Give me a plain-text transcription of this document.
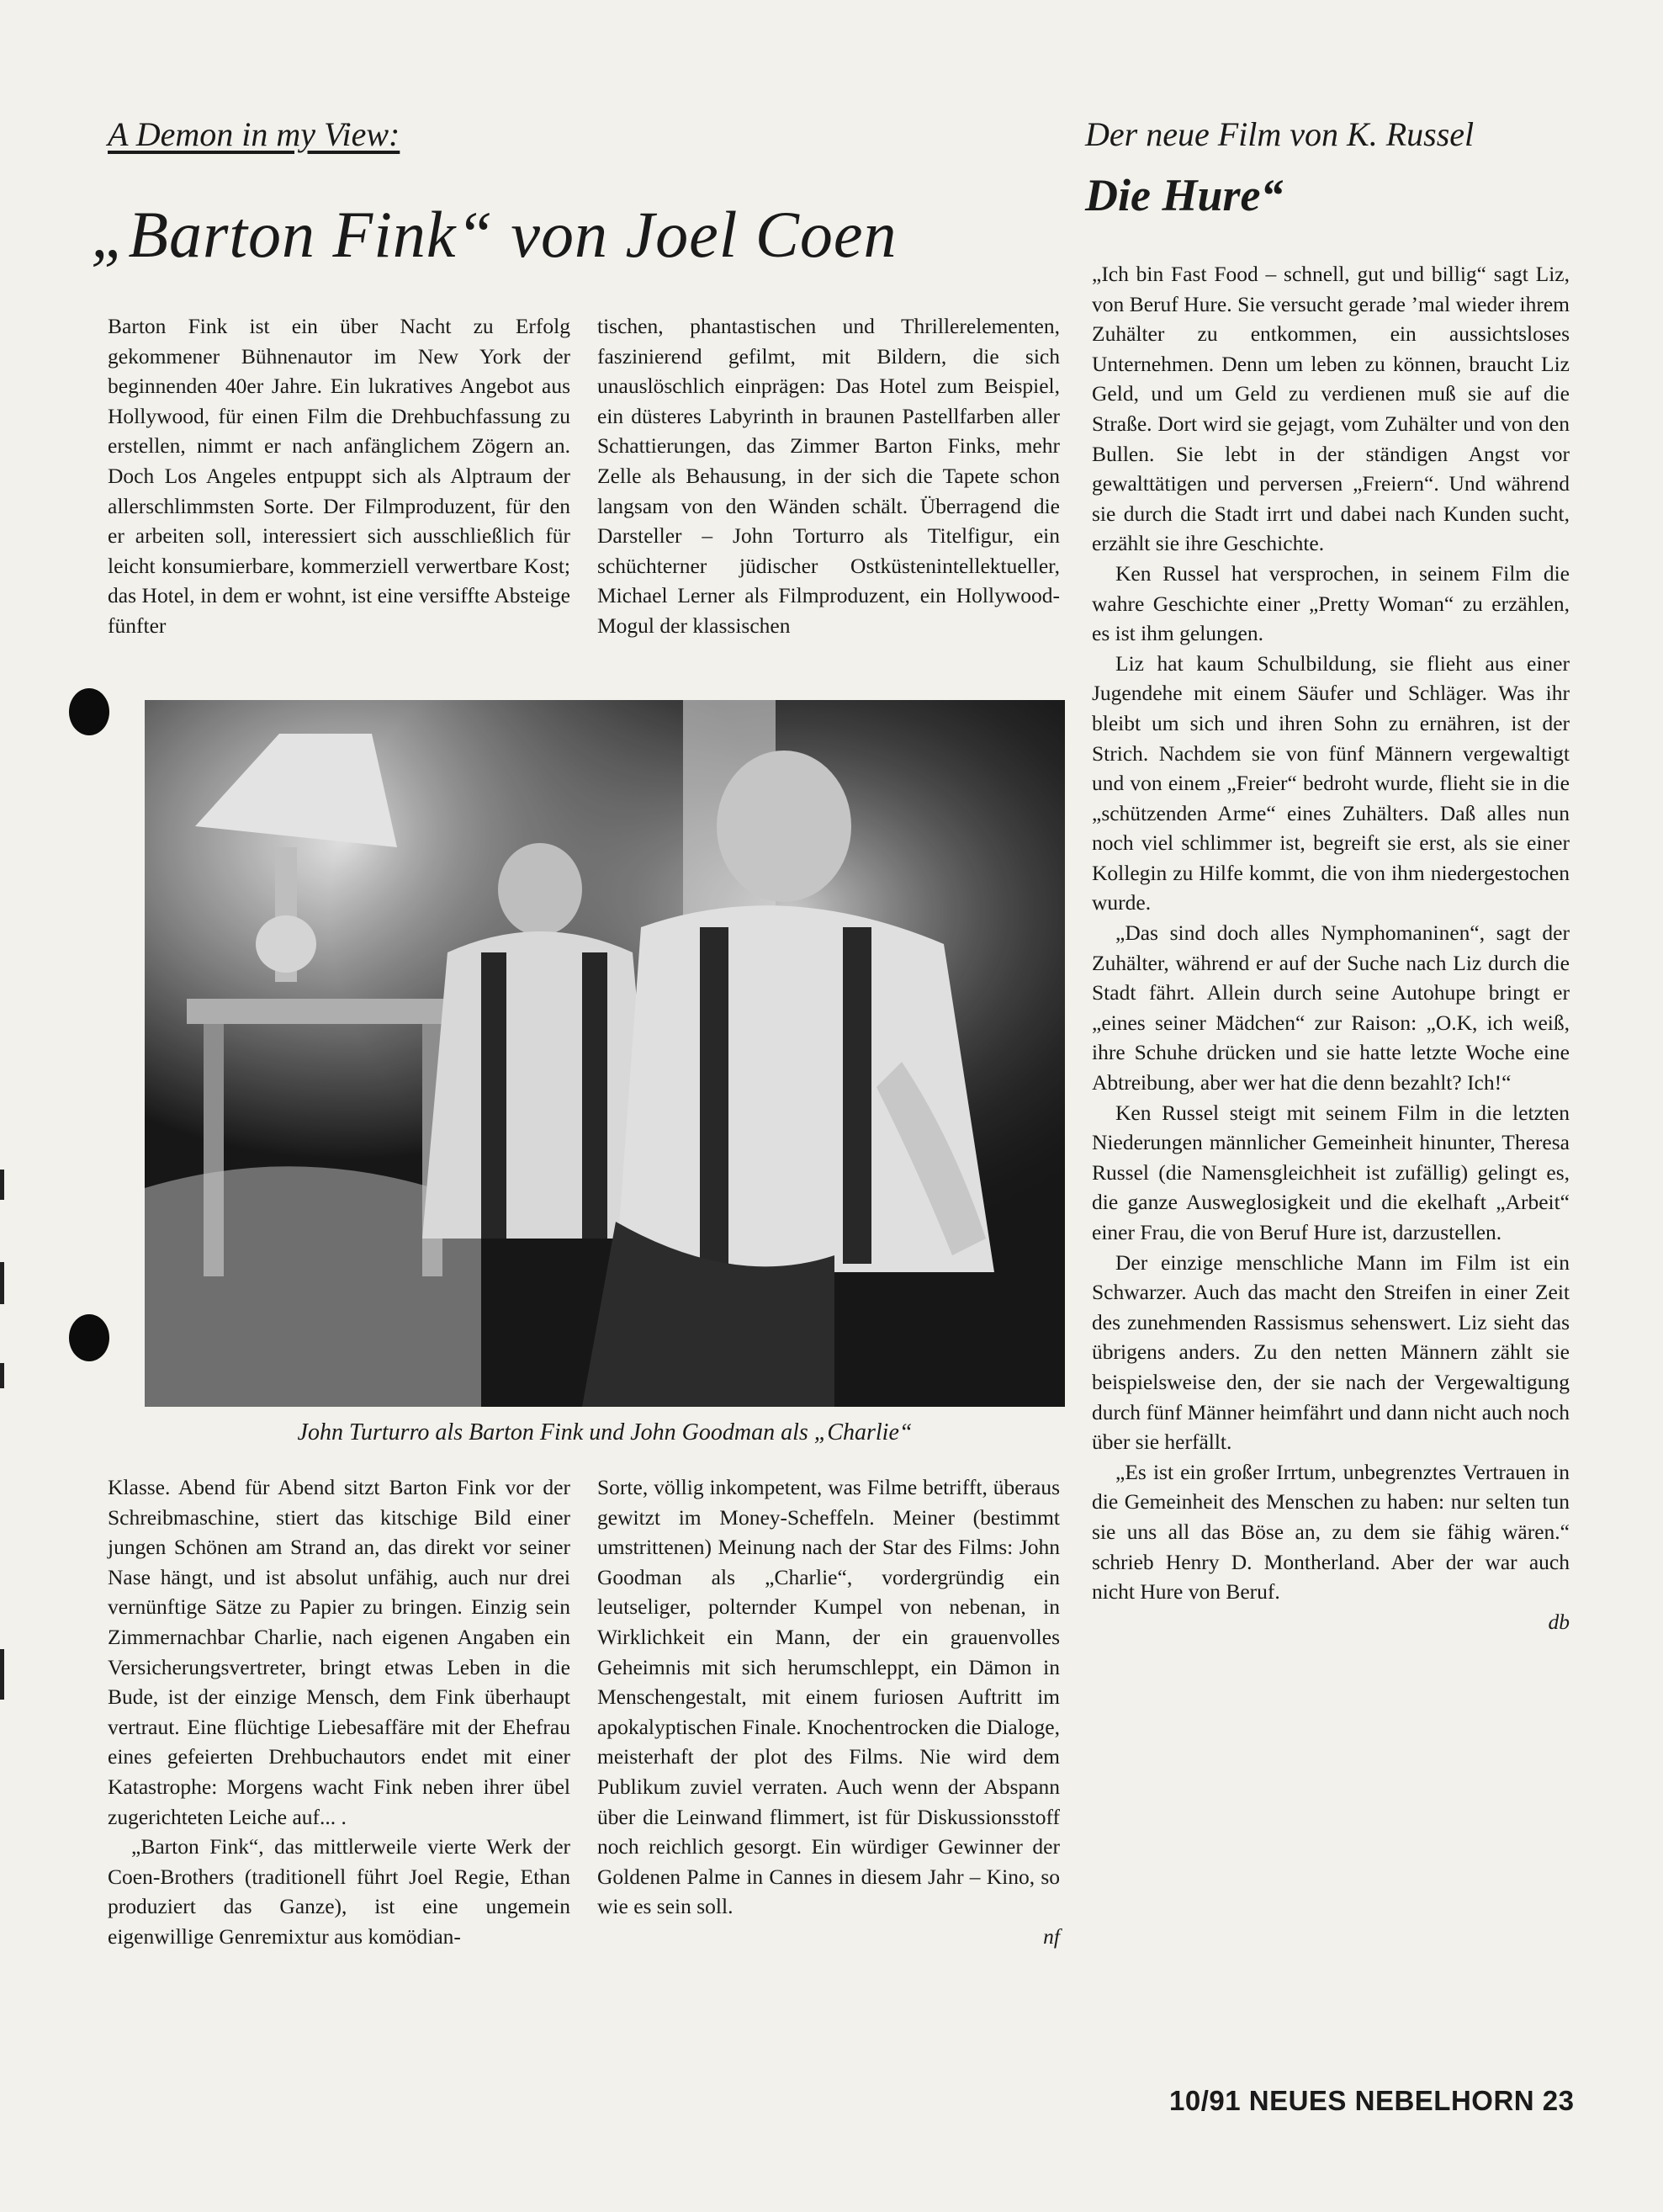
A Demon in my View:	Der neue Film von K. Russel
„Barton Fink“ von Joel Coen
Die Hure“

Barton Fink ist ein über Nacht zu Erfolg gekommener Bühnenautor im New York der beginnenden 40er Jahre. Ein lukratives Angebot aus Hollywood, für einen Film die Drehbuchfassung zu erstellen, nimmt er nach anfänglichem Zögern an. Doch Los Angeles entpuppt sich als Alptraum der allerschlimmsten Sorte. Der Filmproduzent, für den er arbeiten soll, interessiert sich ausschließlich für leicht konsumierbare, kommerziell verwertbare Kost; das Hotel, in dem er wohnt, ist eine versiffte Absteige fünfter

tischen, phantastischen und Thrillerelementen, faszinierend gefilmt, mit Bildern, die sich unauslöschlich einprägen: Das Hotel zum Beispiel, ein düsteres Labyrinth in braunen Pastellfarben aller Schattierungen, das Zimmer Barton Finks, mehr Zelle als Behausung, in der sich die Tapete schon langsam von den Wänden schält. Überragend die Darsteller – John Torturro als Titelfigur, ein schüchterner jüdischer Ostküstenintellektueller, Michael Lerner als Filmproduzent, ein Hollywood-Mogul der klassischen

John Turturro als Barton Fink und John Goodman als „Charlie“

Klasse. Abend für Abend sitzt Barton Fink vor der Schreibmaschine, stiert das kitschige Bild einer jungen Schönen am Strand an, das direkt vor seiner Nase hängt, und ist absolut unfähig, auch nur drei vernünftige Sätze zu Papier zu bringen. Einzig sein Zimmernachbar Charlie, nach eigenen Angaben ein Versicherungsvertreter, bringt etwas Leben in die Bude, ist der einzige Mensch, dem Fink überhaupt vertraut. Eine flüchtige Liebesaffäre mit der Ehefrau eines gefeierten Drehbuchautors endet mit einer Katastrophe: Morgens wacht Fink neben ihrer übel zugerichteten Leiche auf... .

„Barton Fink“, das mittlerweile vierte Werk der Coen-Brothers (traditionell führt Joel Regie, Ethan produziert das Ganze), ist eine ungemein eigenwillige Genremixtur aus komödian-

Sorte, völlig inkompetent, was Filme betrifft, überaus gewitzt im Money-Scheffeln. Meiner (bestimmt umstrittenen) Meinung nach der Star des Films: John Goodman als „Charlie“, vordergründig ein leutseliger, polternder Kumpel von nebenan, in Wirklichkeit ein Mann, der ein grauenvolles Geheimnis mit sich herumschleppt, ein Dämon in Menschengestalt, mit einem furiosen Auftritt im apokalyptischen Finale. Knochentrocken die Dialoge, meisterhaft der plot des Films. Nie wird dem Publikum zuviel verraten. Auch wenn der Abspann über die Leinwand flimmert, ist für Diskussionsstoff noch reichlich gesorgt. Ein würdiger Gewinner der Goldenen Palme in Cannes in diesem Jahr – Kino, so wie es sein soll.

nf

„Ich bin Fast Food – schnell, gut und billig“ sagt Liz, von Beruf Hure. Sie versucht gerade ’mal wieder ihrem Zuhälter zu entkommen, ein aussichtsloses Unternehmen. Denn um leben zu können, braucht Liz Geld, und um Geld zu verdienen muß sie auf die Straße. Dort wird sie gejagt, vom Zuhälter und von den Bullen. Sie lebt in der ständigen Angst vor gewalttätigen und perversen „Freiern“. Und während sie durch die Stadt irrt und dabei nach Kunden sucht, erzählt sie ihre Geschichte.

Ken Russel hat versprochen, in seinem Film die wahre Geschichte einer „Pretty Woman“ zu erzählen, es ist ihm gelungen.

Liz hat kaum Schulbildung, sie flieht aus einer Jugendehe mit einem Säufer und Schläger. Was ihr bleibt um sich und ihren Sohn zu ernähren, ist der Strich. Nachdem sie von fünf Männern vergewaltigt und von einem „Freier“ bedroht wurde, flieht sie in die „schützenden Arme“ eines Zuhälters. Daß alles nun noch viel schlimmer ist, begreift sie erst, als sie einer Kollegin zu Hilfe kommt, die von ihm niedergestochen wurde.

„Das sind doch alles Nymphomaninen“, sagt der Zuhälter, während er auf der Suche nach Liz durch die Stadt fährt. Allein durch seine Autohupe bringt er „eines seiner Mädchen“ zur Raison: „O.K, ich weiß, ihre Schuhe drücken und sie hatte letzte Woche eine Abtreibung, aber wer hat die denn bezahlt? Ich!“

Ken Russel steigt mit seinem Film in die letzten Niederungen männlicher Gemeinheit hinunter, Theresa Russel (die Namensgleichheit ist zufällig) gelingt es, die ganze Ausweglosigkeit und die ekelhaft „Arbeit“ einer Frau, die von Beruf Hure ist, darzustellen.

Der einzige menschliche Mann im Film ist ein Schwarzer. Auch das macht den Streifen in einer Zeit des zunehmenden Rassismus sehenswert. Liz sieht das übrigens anders. Zu den netten Männern zählt sie beispielsweise den, der sie nach der Vergewaltigung durch fünf Männer heimfährt und dann nicht auch noch über sie herfällt.

„Es ist ein großer Irrtum, unbegrenztes Vertrauen in die Gemeinheit des Menschen zu haben: nur selten tun sie uns all das Böse an, zu dem sie fähig wären.“ schrieb Henry D. Montherland. Aber der war auch nicht Hure von Beruf.

db

10/91 NEUES NEBELHORN 23
